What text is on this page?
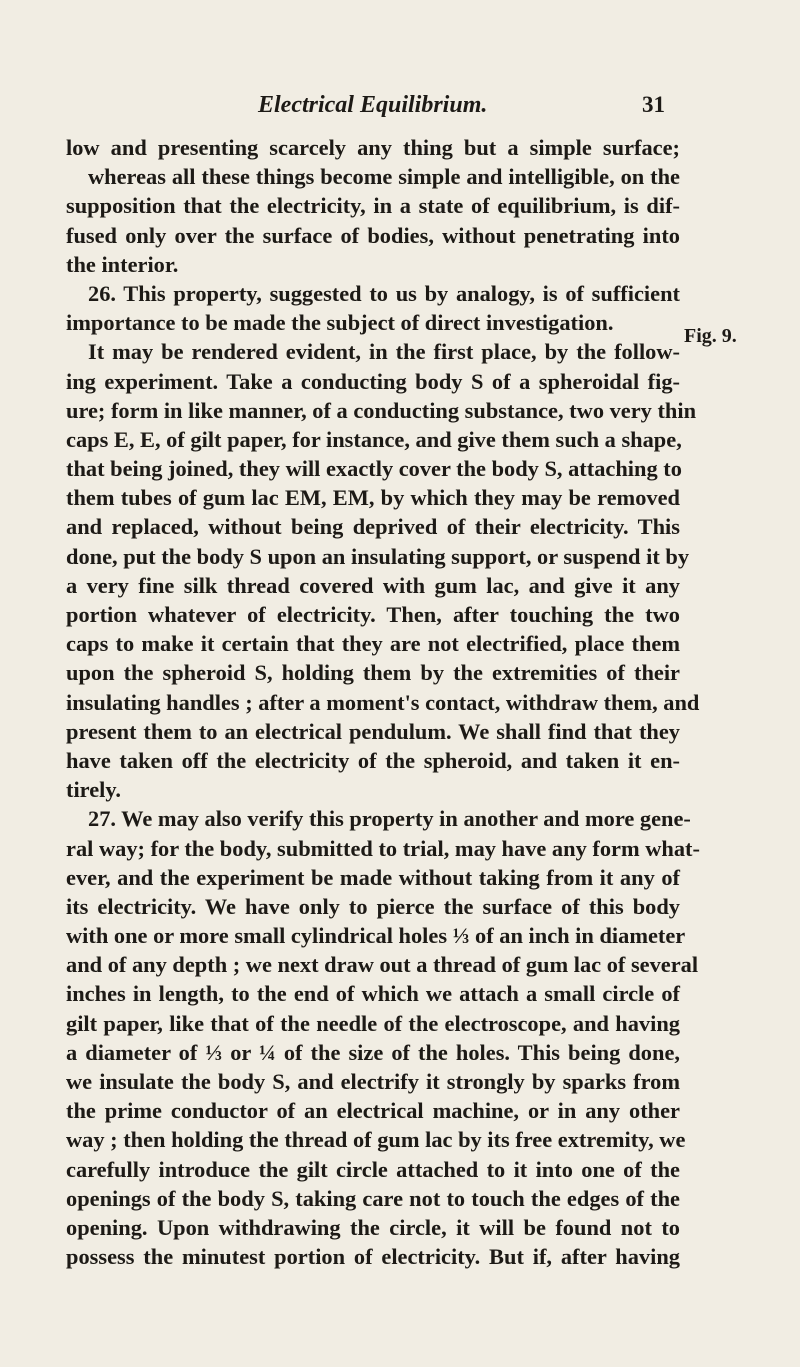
Electrical Equilibrium.	31
Fig. 9.
low and presenting scarcely any thing but a simple surface;
whereas all these things become simple and intelligible, on the
supposition that the electricity, in a state of equilibrium, is dif-
fused only over the surface of bodies, without penetrating into
the interior.
26. This property, suggested to us by analogy, is of sufficient
importance to be made the subject of direct investigation.
It may be rendered evident, in the first place, by the follow-
ing experiment. Take a conducting body S of a spheroidal fig-
ure; form in like manner, of a conducting substance, two very thin
caps E, E, of gilt paper, for instance, and give them such a shape,
that being joined, they will exactly cover the body S, attaching to
them tubes of gum lac EM, EM, by which they may be removed
and replaced, without being deprived of their electricity. This
done, put the body S upon an insulating support, or suspend it by
a very fine silk thread covered with gum lac, and give it any
portion whatever of electricity. Then, after touching the two
caps to make it certain that they are not electrified, place them
upon the spheroid S, holding them by the extremities of their
insulating handles ; after a moment's contact, withdraw them, and
present them to an electrical pendulum. We shall find that they
have taken off the electricity of the spheroid, and taken it en-
tirely.
27. We may also verify this property in another and more gene-
ral way; for the body, submitted to trial, may have any form what-
ever, and the experiment be made without taking from it any of
its electricity. We have only to pierce the surface of this body
with one or more small cylindrical holes ⅓ of an inch in diameter
and of any depth ; we next draw out a thread of gum lac of several
inches in length, to the end of which we attach a small circle of
gilt paper, like that of the needle of the electroscope, and having
a diameter of ⅓ or ¼ of the size of the holes. This being done,
we insulate the body S, and electrify it strongly by sparks from
the prime conductor of an electrical machine, or in any other
way ; then holding the thread of gum lac by its free extremity, we
carefully introduce the gilt circle attached to it into one of the
openings of the body S, taking care not to touch the edges of the
opening. Upon withdrawing the circle, it will be found not to
possess the minutest portion of electricity. But if, after having
